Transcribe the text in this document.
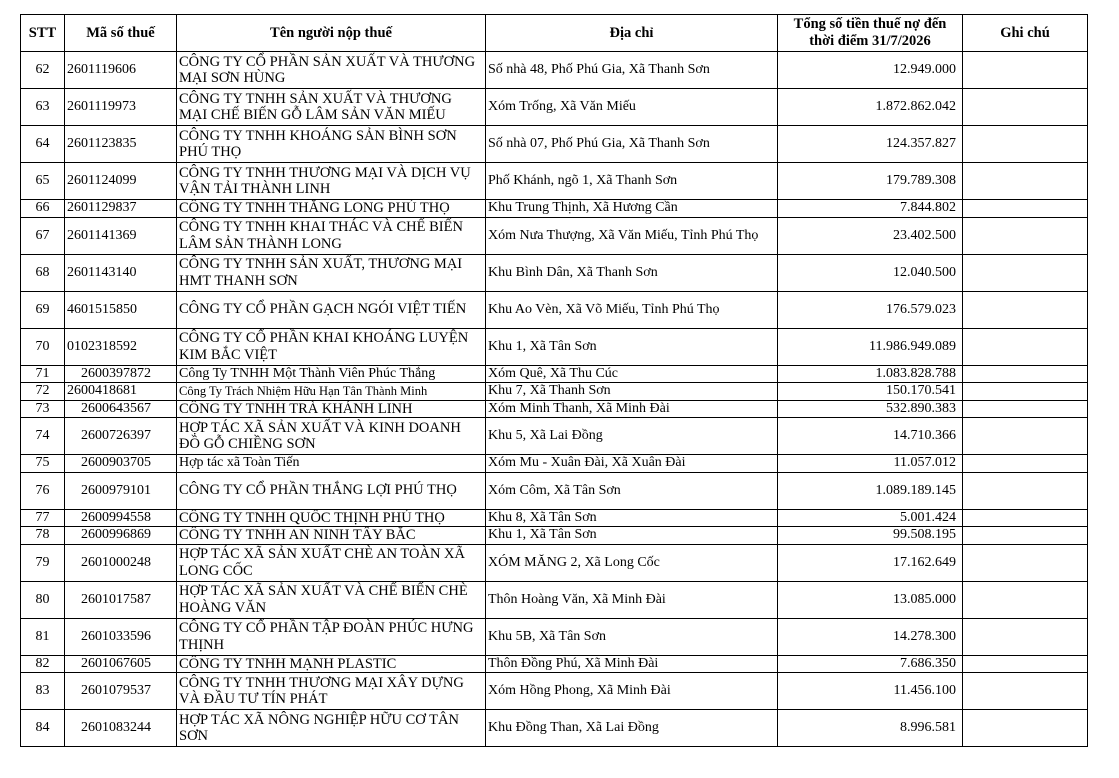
STT	Mã số thuế	Tên người nộp thuế	Địa chỉ	Tổng số tiền thuế nợ đến
thời điểm 31/7/2026	Ghi chú
62	2601119606	CÔNG TY CỔ PHẦN SẢN XUẤT VÀ THƯƠNG MẠI SƠN HÙNG	Số nhà 48, Phố Phú Gia, Xã Thanh Sơn	12.949.000	
63	2601119973	CÔNG TY TNHH SẢN XUẤT VÀ THƯƠNG MẠI CHẾ BIẾN GỖ LÂM SẢN VĂN MIẾU	Xóm Trống, Xã Văn Miếu	1.872.862.042	
64	2601123835	CÔNG TY TNHH KHOÁNG SẢN BÌNH SƠN PHÚ THỌ	Số nhà 07, Phố Phú Gia, Xã Thanh Sơn	124.357.827	
65	2601124099	CÔNG TY TNHH THƯƠNG MẠI VÀ DỊCH VỤ VẬN TẢI THÀNH LINH	Phố Khánh, ngõ 1, Xã Thanh Sơn	179.789.308	
66	2601129837	CÔNG TY TNHH THĂNG LONG PHÚ THỌ	Khu Trung Thịnh, Xã Hương Cần	7.844.802	
67	2601141369	CÔNG TY TNHH KHAI THÁC VÀ CHẾ BIẾN LÂM SẢN THÀNH LONG	Xóm Nưa Thượng, Xã Văn Miếu, Tỉnh Phú Thọ	23.402.500	
68	2601143140	CÔNG TY TNHH SẢN XUẤT, THƯƠNG MẠI HMT THANH SƠN	Khu Bình Dân, Xã Thanh Sơn	12.040.500	
69	4601515850	CÔNG TY CỔ PHẦN GẠCH NGÓI VIỆT TIẾN	Khu Ao Vèn, Xã Võ Miếu, Tỉnh Phú Thọ	176.579.023	
70	0102318592	CÔNG TY CỔ PHẦN KHAI KHOÁNG LUYỆN KIM BẮC VIỆT	Khu 1, Xã Tân Sơn	11.986.949.089	
71	2600397872	Công Ty TNHH Một Thành Viên Phúc Thắng	Xóm Quê, Xã Thu Cúc	1.083.828.788	
72	2600418681	Công Ty Trách Nhiệm Hữu Hạn Tân Thành Minh	Khu 7, Xã Thanh Sơn	150.170.541	
73	2600643567	CÔNG TY TNHH TRÀ KHÁNH LINH	Xóm Minh Thanh, Xã Minh Đài	532.890.383	
74	2600726397	HỢP TÁC XÃ SẢN XUẤT VÀ KINH DOANH ĐỒ GỖ CHIỀNG SƠN	Khu 5, Xã Lai Đồng	14.710.366	
75	2600903705	Hợp tác xã Toàn Tiến	Xóm Mu - Xuân Đài, Xã Xuân Đài	11.057.012	
76	2600979101	CÔNG TY CỔ PHẦN THẮNG LỢI PHÚ THỌ	Xóm Côm, Xã Tân Sơn	1.089.189.145	
77	2600994558	CÔNG TY TNHH QUỐC THỊNH PHÚ THỌ	Khu 8, Xã Tân Sơn	5.001.424	
78	2600996869	CÔNG TY TNHH AN NINH TÂY BẮC	Khu 1, Xã Tân Sơn	99.508.195	
79	2601000248	HỢP TÁC XÃ SẢN XUẤT CHÈ AN TOÀN XÃ LONG CỐC	XÓM MĂNG 2, Xã Long Cốc	17.162.649	
80	2601017587	HỢP TÁC XÃ SẢN XUẤT VÀ CHẾ BIẾN CHÈ HOÀNG VĂN	Thôn Hoàng Văn, Xã Minh Đài	13.085.000	
81	2601033596	CÔNG TY CỔ PHẦN TẬP ĐOÀN PHÚC HƯNG THỊNH	Khu 5B, Xã Tân Sơn	14.278.300	
82	2601067605	CÔNG TY TNHH MẠNH PLASTIC	Thôn Đồng Phú, Xã Minh Đài	7.686.350	
83	2601079537	CÔNG TY TNHH THƯƠNG MẠI XÂY DỰNG VÀ ĐẦU TƯ TÍN PHÁT	Xóm Hồng Phong, Xã Minh Đài	11.456.100	
84	2601083244	HỢP TÁC XÃ NÔNG NGHIỆP HỮU CƠ TÂN SƠN	Khu Đồng Than, Xã Lai Đồng	8.996.581	
